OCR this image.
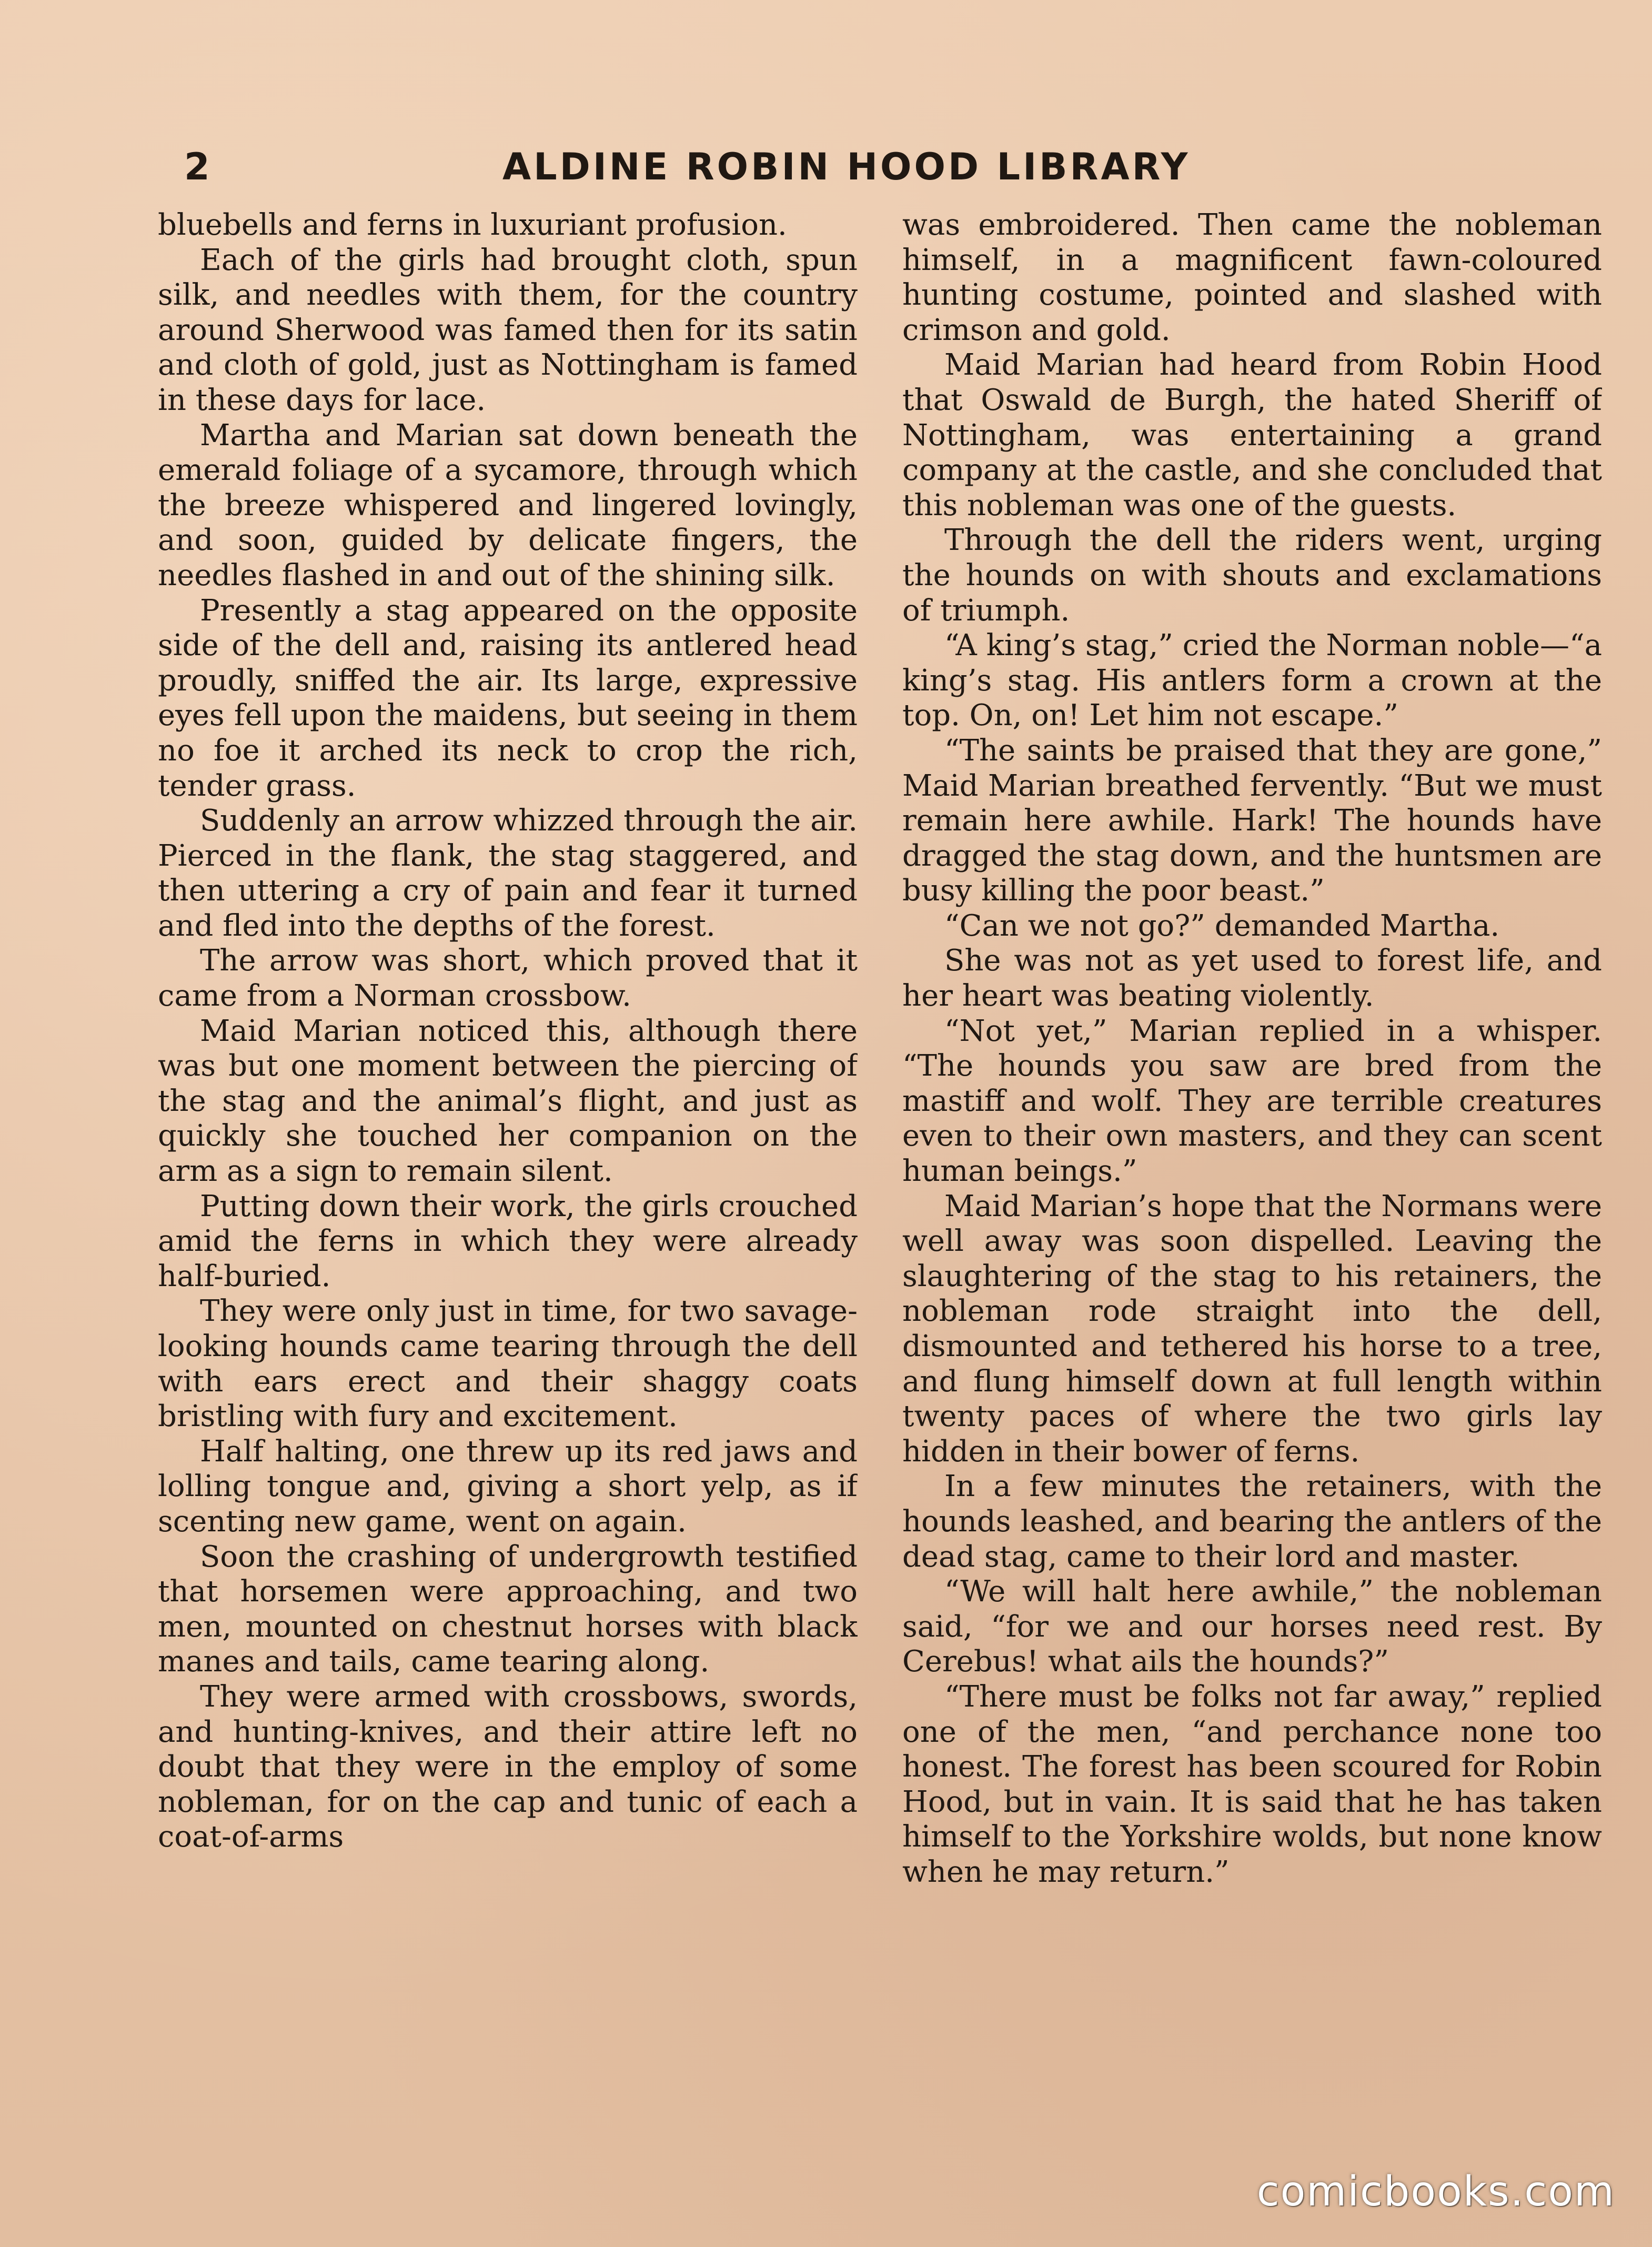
2	ALDINE ROBIN HOOD LIBRARY

bluebells and ferns in luxuriant profusion.

Each of the girls had brought cloth, spun silk, and needles with them, for the country around Sherwood was famed then for its satin and cloth of gold, just as Nottingham is famed in these days for lace.

Martha and Marian sat down beneath the emerald foliage of a sycamore, through which the breeze whispered and lingered lovingly, and soon, guided by delicate fingers, the needles flashed in and out of the shining silk.

Presently a stag appeared on the opposite side of the dell and, raising its antlered head proudly, sniffed the air. Its large, expressive eyes fell upon the maidens, but seeing in them no foe it arched its neck to crop the rich, tender grass.

Suddenly an arrow whizzed through the air. Pierced in the flank, the stag staggered, and then uttering a cry of pain and fear it turned and fled into the depths of the forest.

The arrow was short, which proved that it came from a Norman crossbow.

Maid Marian noticed this, although there was but one moment between the piercing of the stag and the animal’s flight, and just as quickly she touched her companion on the arm as a sign to remain silent.

Putting down their work, the girls crouched amid the ferns in which they were already half-buried.

They were only just in time, for two savage-looking hounds came tearing through the dell with ears erect and their shaggy coats bristling with fury and excitement.

Half halting, one threw up its red jaws and lolling tongue and, giving a short yelp, as if scenting new game, went on again.

Soon the crashing of undergrowth testified that horsemen were approaching, and two men, mounted on chestnut horses with black manes and tails, came tearing along.

They were armed with crossbows, swords, and hunting-knives, and their attire left no doubt that they were in the employ of some nobleman, for on the cap and tunic of each a coat-of-arms

was embroidered. Then came the nobleman himself, in a magnificent fawn-coloured hunting costume, pointed and slashed with crimson and gold.

Maid Marian had heard from Robin Hood that Oswald de Burgh, the hated Sheriff of Nottingham, was entertaining a grand company at the castle, and she concluded that this nobleman was one of the guests.

Through the dell the riders went, urging the hounds on with shouts and exclamations of triumph.

“A king’s stag,” cried the Norman noble—“a king’s stag. His antlers form a crown at the top. On, on! Let him not escape.”

“The saints be praised that they are gone,” Maid Marian breathed fervently. “But we must remain here awhile. Hark! The hounds have dragged the stag down, and the huntsmen are busy killing the poor beast.”

“Can we not go?” demanded Martha.

She was not as yet used to forest life, and her heart was beating violently.

“Not yet,” Marian replied in a whisper. “The hounds you saw are bred from the mastiff and wolf. They are terrible creatures even to their own masters, and they can scent human beings.”

Maid Marian’s hope that the Normans were well away was soon dispelled. Leaving the slaughtering of the stag to his retainers, the nobleman rode straight into the dell, dismounted and tethered his horse to a tree, and flung himself down at full length within twenty paces of where the two girls lay hidden in their bower of ferns.

In a few minutes the retainers, with the hounds leashed, and bearing the antlers of the dead stag, came to their lord and master.

“We will halt here awhile,” the nobleman said, “for we and our horses need rest. By Cerebus! what ails the hounds?”

“There must be folks not far away,” replied one of the men, “and perchance none too honest. The forest has been scoured for Robin Hood, but in vain. It is said that he has taken himself to the Yorkshire wolds, but none know when he may return.”

comicbooks.com
